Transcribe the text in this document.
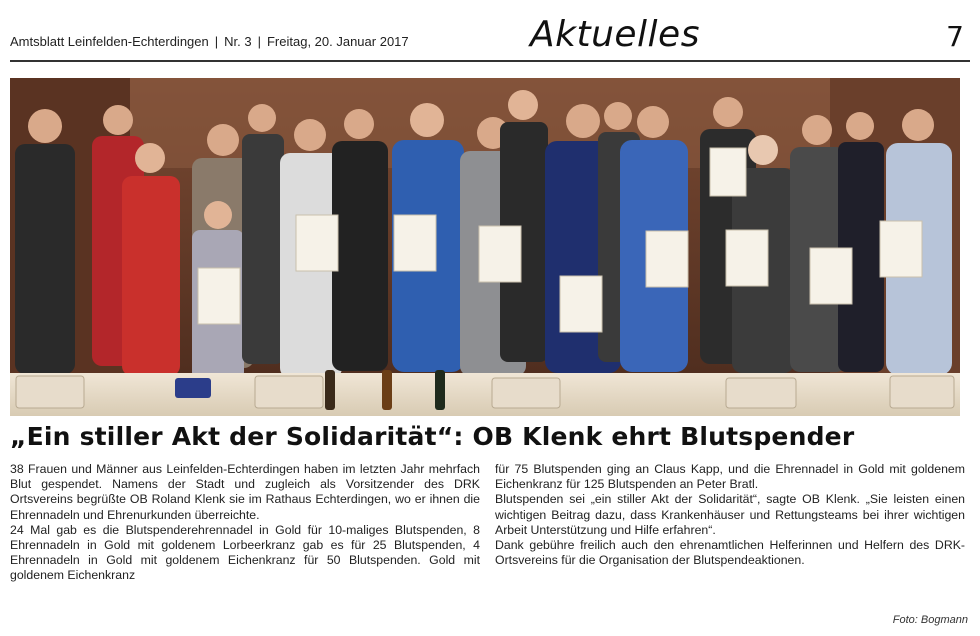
Amtsblatt Leinfelden-Echterdingen | Nr. 3 | Freitag, 20. Januar 2017	Aktuelles	7
„Ein stiller Akt der Solidarität“: OB Klenk ehrt Blutspender

38 Frauen und Männer aus Leinfelden-Echterdingen haben im letzten Jahr mehrfach Blut gespendet. Namens der Stadt und zugleich als Vorsitzender des DRK Ortsvereins begrüßte OB Roland Klenk sie im Rathaus Echterdingen, wo er ihnen die Ehrennadeln und Ehrenurkunden überreichte.

24 Mal gab es die Blutspenderehrennadel in Gold für 10-maliges Blutspenden, 8 Ehrennadeln in Gold mit goldenem Lorbeerkranz gab es für 25 Blutspenden, 4 Ehrennadeln in Gold mit goldenem Eichenkranz für 50 Blutspenden. Gold mit goldenem Eichenkranz

für 75 Blutspenden ging an Claus Kapp, und die Ehrennadel in Gold mit goldenem Eichenkranz für 125 Blutspenden an Peter Bratl.

Blutspenden sei „ein stiller Akt der Solidarität“, sagte OB Klenk. „Sie leisten einen wichtigen Beitrag dazu, dass Krankenhäuser und Rettungsteams bei ihrer wichtigen Arbeit Unterstützung und Hilfe erfahren“.

Dank gebühre freilich auch den ehrenamtlichen Helferinnen und Helfern des DRK-Ortsvereins für die Organisation der Blutspendeaktionen.

Foto: Bogmann
